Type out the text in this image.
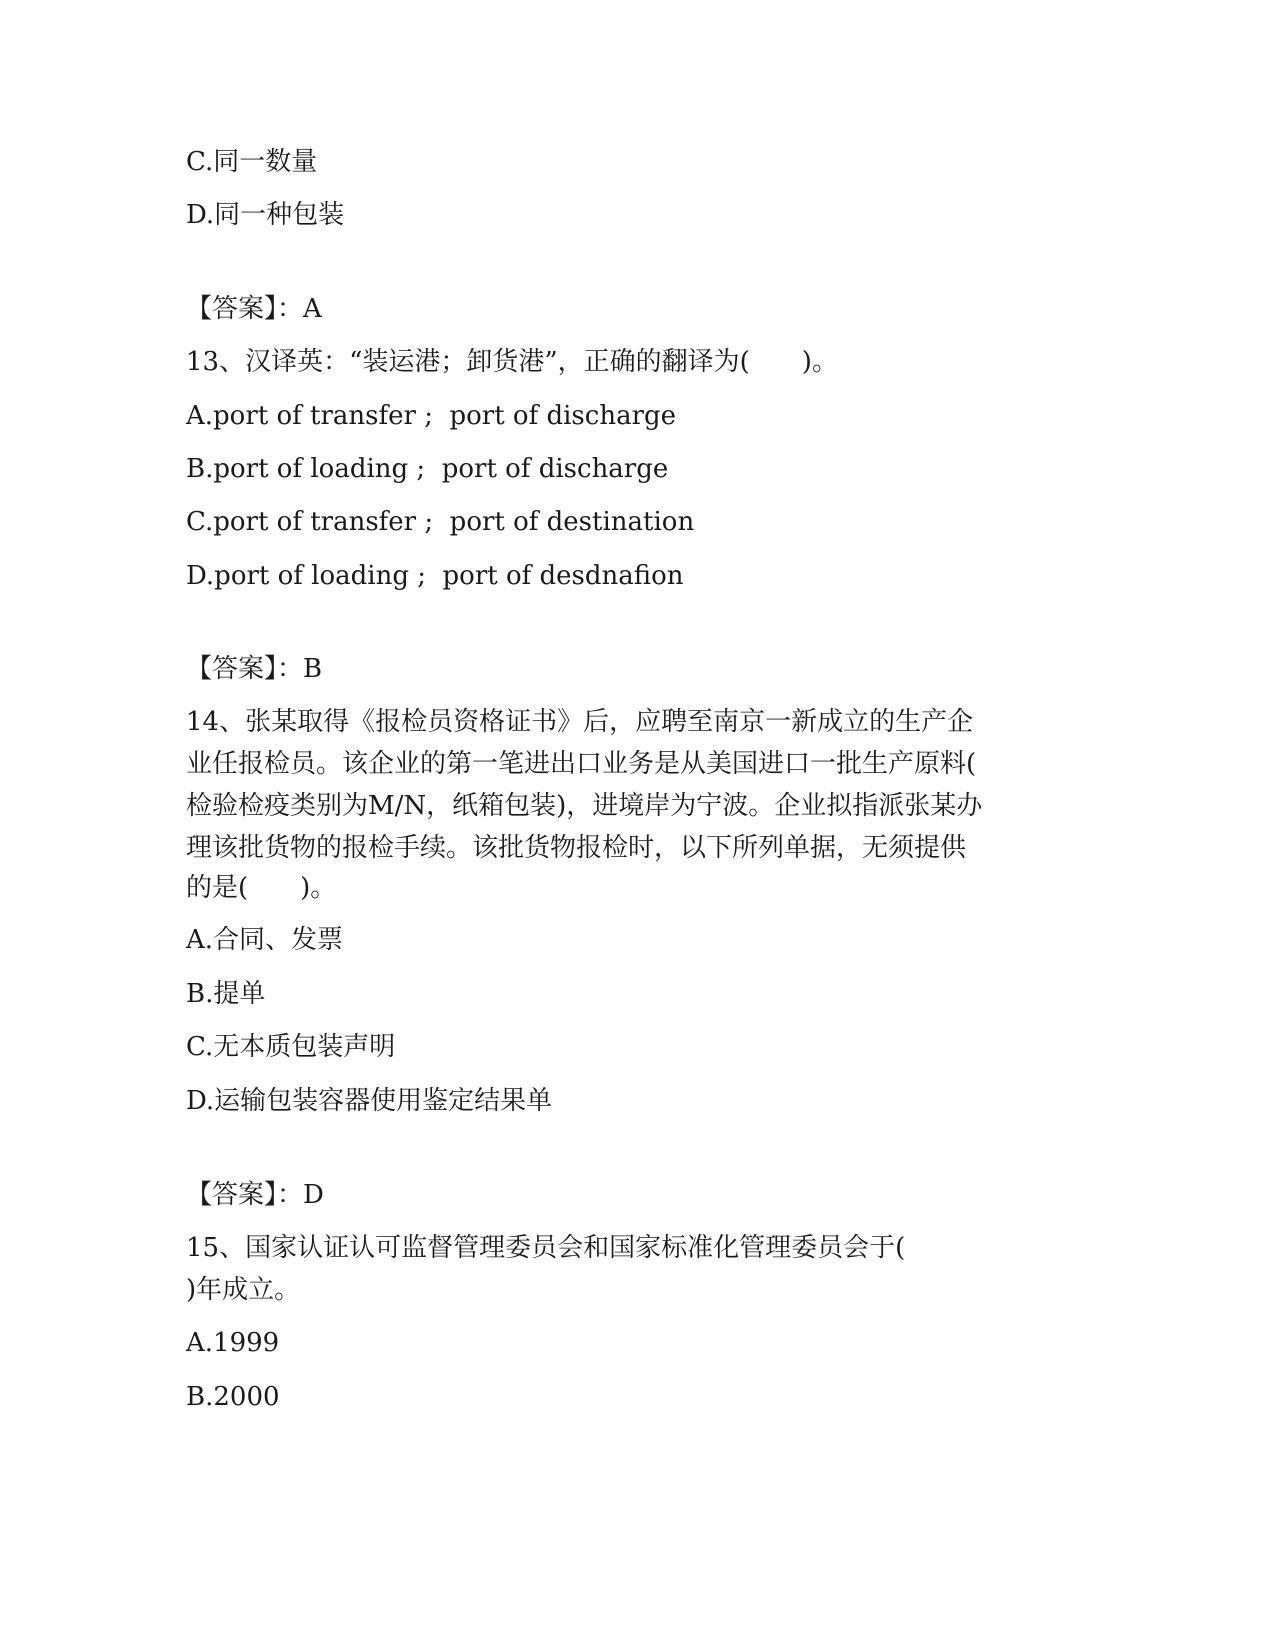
C.同一数量

D.同一种包装

【答案】：A

13、汉译英：“装运港；卸货港”，正确的翻译为(　　)。

A.port of transfer ;  port of discharge

B.port of loading ;  port of discharge

C.port of transfer ;  port of destination

D.port of loading ;  port of desdnafion

【答案】：B

14、张某取得《报检员资格证书》后，应聘至南京一新成立的生产企

业任报检员。该企业的第一笔进出口业务是从美国进口一批生产原料(

检验检疫类别为M/N，纸箱包装)，进境岸为宁波。企业拟指派张某办

理该批货物的报检手续。该批货物报检时，以下所列单据，无须提供

的是(　　)。

A.合同、发票

B.提单

C.无本质包装声明

D.运输包装容器使用鉴定结果单

【答案】：D

15、国家认证认可监督管理委员会和国家标准化管理委员会于(

)年成立。

A.1999

B.2000
